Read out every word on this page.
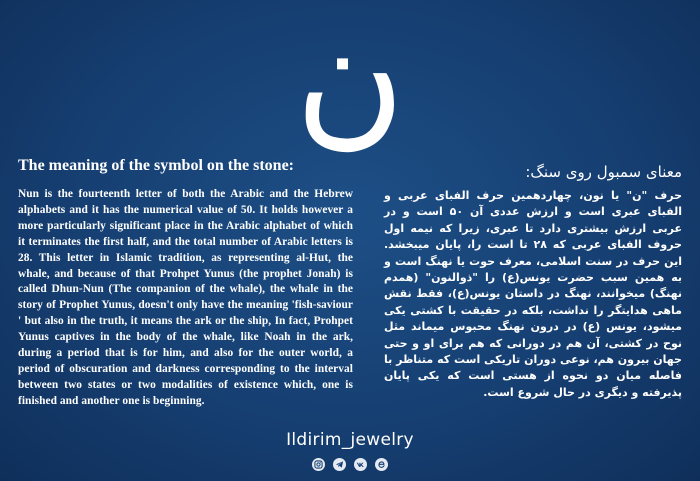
ن
The meaning of the symbol on the stone:
Nun is the fourteenth letter of both the Arabic and the Hebrew alphabets and it has the numerical value of 50. It holds however a more particularly significant place in the Arabic alphabet of which it terminates the first half, and the total number of Arabic letters is 28. This letter in Islamic tradition, as representing al-Hut, the whale, and because of that Prohpet Yunus (the prophet Jonah) is called Dhun-Nun (The companion of the whale), the whale in the story of Prophet Yunus, doesn't only have the meaning 'fish-saviour ' but also in the truth, it means the ark or the ship, In fact, Prohpet Yunus captives in the body of the whale, like Noah in the ark, during a period that is for him, and also for the outer world, a period of obscuration and darkness corresponding to the interval between two states or two modalities of existence which, one is finished and another one is beginning.
معنای سمبول روی سنگ:
حرف "ن" یا نون، چهاردهمین حرف الفبای عربی و الفبای عبری است و ارزش عددی آن ۵۰ است و در عربی ارزش بیشتری دارد تا عبری، زیرا که نیمه اول حروف الفبای عربی که ۲۸ تا است را، پایان میبخشد. این حرف در سنت اسلامی، معرف حوت یا نهنگ است و به همین سبب حضرت یونس(ع) را "ذوالنون" (همدم نهنگ) میخوانند، نهنگ در داستان یونس(ع)، فقط نقش ماهی هدایتگر را نداشت، بلکه در حقیقت با کشتی یکی میشود، یونس (ع) در درون نهنگ محبوس میماند مثل نوح در کشتی، آن هم در دورانی که هم برای او و حتی جهان بیرون هم، نوعی دوران تاریکی است که متناظر با فاصله میان دو نحوه از هستی است که یکی پایان پذیرفته و دیگری در حال شروع است.
Ildirim_jewelry
